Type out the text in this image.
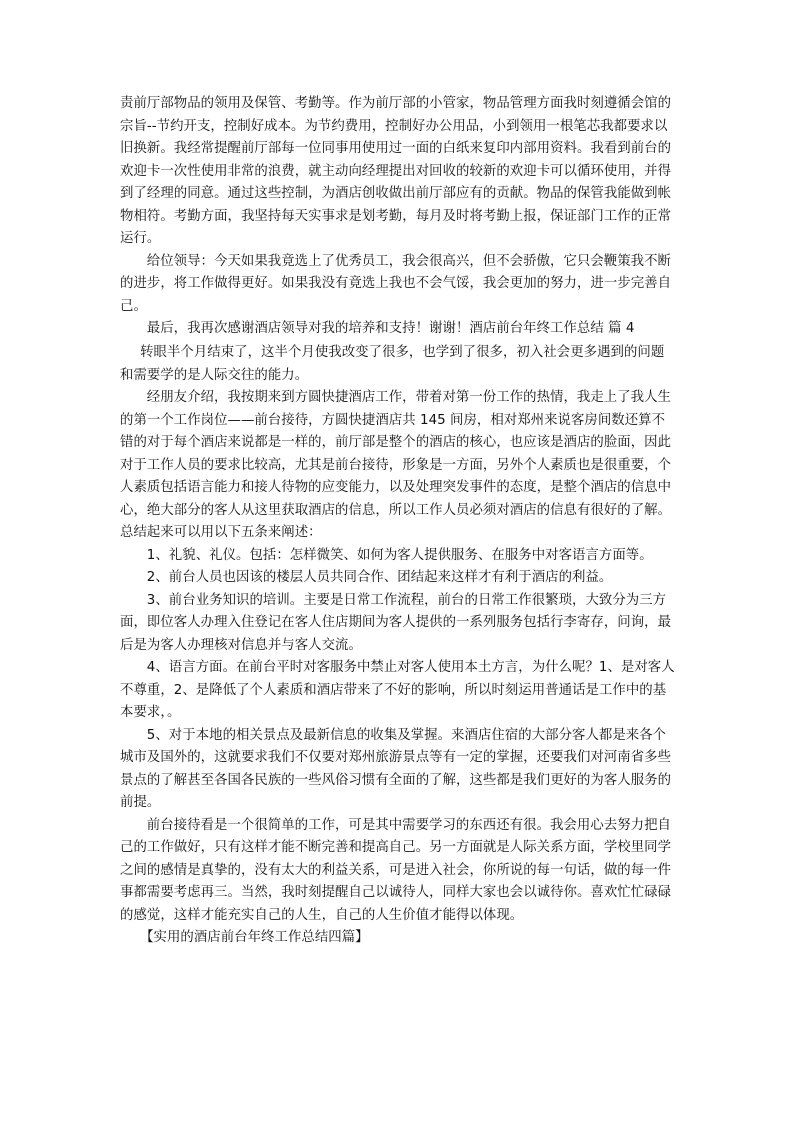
责前厅部物品的领用及保管、考勤等。作为前厅部的小管家，物品管理方面我时刻遵循会馆的宗旨--节约开支，控制好成本。为节约费用，控制好办公用品，小到领用一根笔芯我都要求以旧换新。我经常提醒前厅部每一位同事用使用过一面的白纸来复印内部用资料。我看到前台的欢迎卡一次性使用非常的浪费，就主动向经理提出对回收的较新的欢迎卡可以循环使用，并得到了经理的同意。通过这些控制，为酒店创收做出前厅部应有的贡献。物品的保管我能做到帐物相符。考勤方面，我坚持每天实事求是划考勤，每月及时将考勤上报，保证部门工作的正常运行。

给位领导：今天如果我竟选上了优秀员工，我会很高兴，但不会骄傲，它只会鞭策我不断的进步，将工作做得更好。如果我没有竟选上我也不会气馁，我会更加的努力，进一步完善自己。

最后，我再次感谢酒店领导对我的培养和支持！谢谢！酒店前台年终工作总结 篇 4

转眼半个月结束了，这半个月使我改变了很多，也学到了很多，初入社会更多遇到的问题和需要学的是人际交往的能力。

经朋友介绍，我按期来到方圆快捷酒店工作，带着对第一份工作的热情，我走上了我人生的第一个工作岗位——前台接待，方圆快捷酒店共 145 间房，相对郑州来说客房间数还算不错的对于每个酒店来说都是一样的，前厅部是整个的酒店的核心，也应该是酒店的脸面，因此对于工作人员的要求比较高，尤其是前台接待，形象是一方面，另外个人素质也是很重要，个人素质包括语言能力和接人待物的应变能力，以及处理突发事件的态度，是整个酒店的信息中心，绝大部分的客人从这里获取酒店的信息，所以工作人员必须对酒店的信息有很好的了解。总结起来可以用以下五条来阐述：

1、礼貌、礼仪。包括：怎样微笑、如何为客人提供服务、在服务中对客语言方面等。

2、前台人员也因该的楼层人员共同合作、团结起来这样才有利于酒店的利益。

3、前台业务知识的培训。主要是日常工作流程，前台的日常工作很繁琐，大致分为三方面，即位客人办理入住登记在客人住店期间为客人提供的一系列服务包括行李寄存，问询，最后是为客人办理核对信息并与客人交流。

4、语言方面。在前台平时对客服务中禁止对客人使用本土方言，为什么呢？1、是对客人不尊重，2、是降低了个人素质和酒店带来了不好的影响，所以时刻运用普通话是工作中的基本要求，。

5、对于本地的相关景点及最新信息的收集及掌握。来酒店住宿的大部分客人都是来各个城市及国外的，这就要求我们不仅要对郑州旅游景点等有一定的掌握，还要我们对河南省多些景点的了解甚至各国各民族的一些风俗习惯有全面的了解，这些都是我们更好的为客人服务的前提。

前台接待看是一个很简单的工作，可是其中需要学习的东西还有很。我会用心去努力把自己的工作做好，只有这样才能不断完善和提高自己。另一方面就是人际关系方面，学校里同学之间的感情是真挚的，没有太大的利益关系，可是进入社会，你所说的每一句话，做的每一件事都需要考虑再三。当然，我时刻提醒自己以诚待人，同样大家也会以诚待你。喜欢忙忙碌碌的感觉，这样才能充实自己的人生，自己的人生价值才能得以体现。

【实用的酒店前台年终工作总结四篇】
